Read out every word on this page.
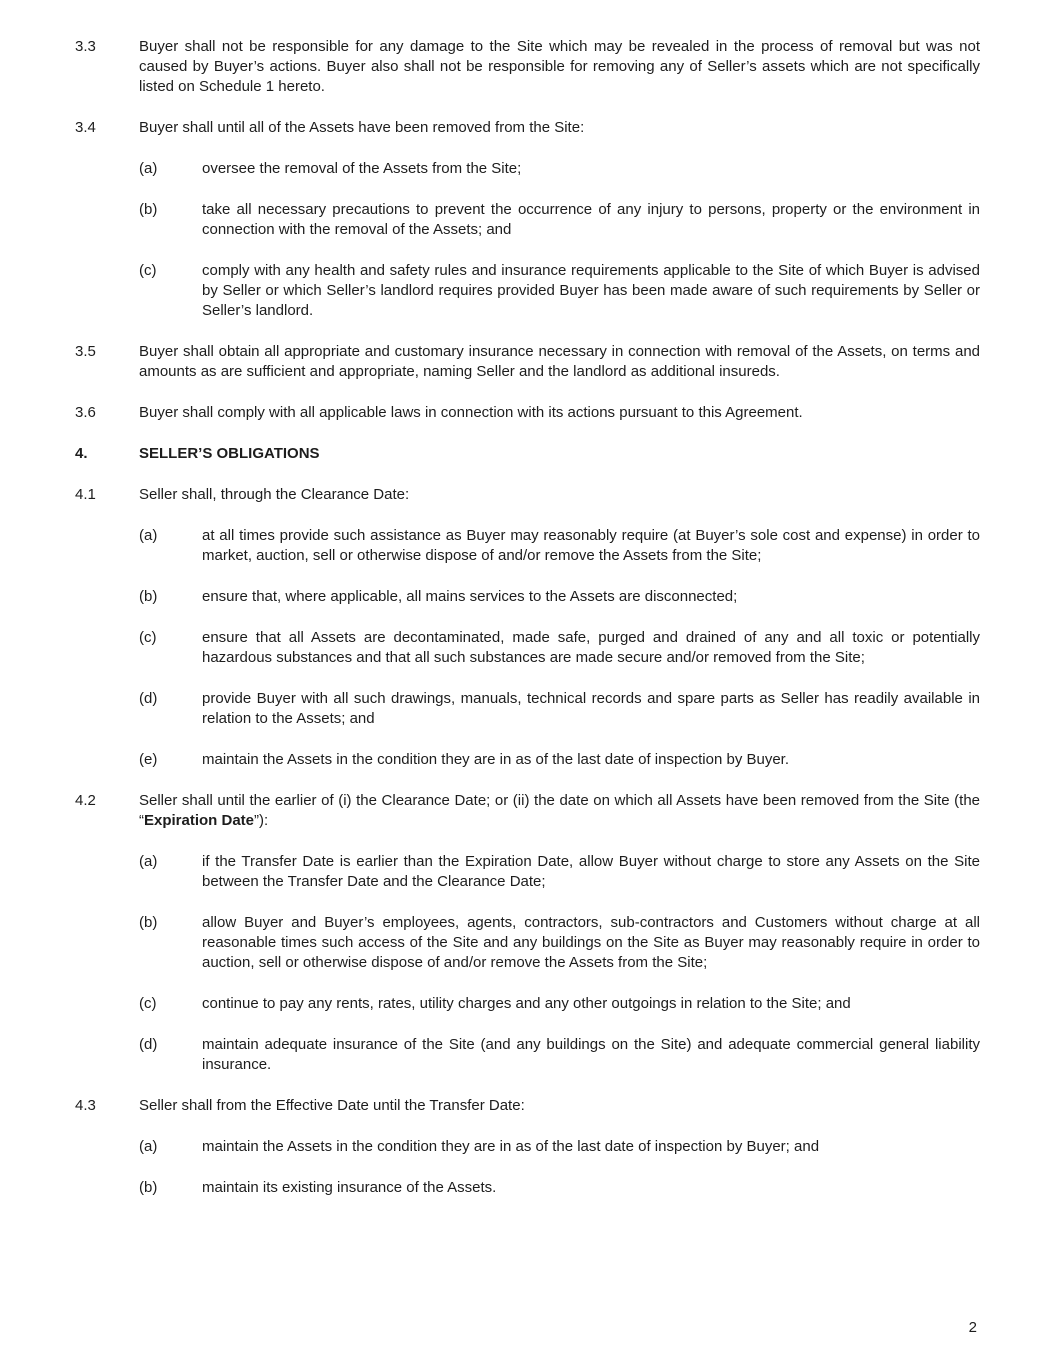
3.3	Buyer shall not be responsible for any damage to the Site which may be revealed in the process of removal but was not caused by Buyer’s actions. Buyer also shall not be responsible for removing any of Seller’s assets which are not specifically listed on Schedule 1 hereto.
3.4	Buyer shall until all of the Assets have been removed from the Site:
(a)	oversee the removal of the Assets from the Site;
(b)	take all necessary precautions to prevent the occurrence of any injury to persons, property or the environment in connection with the removal of the Assets; and
(c)	comply with any health and safety rules and insurance requirements applicable to the Site of which Buyer is advised by Seller or which Seller’s landlord requires provided Buyer has been made aware of such requirements by Seller or Seller’s landlord.
3.5	Buyer shall obtain all appropriate and customary insurance necessary in connection with removal of the Assets, on terms and amounts as are sufficient and appropriate, naming Seller and the landlord as additional insureds.
3.6	Buyer shall comply with all applicable laws in connection with its actions pursuant to this Agreement.
4.	SELLER’S OBLIGATIONS
4.1	Seller shall, through the Clearance Date:
(a)	at all times provide such assistance as Buyer may reasonably require (at Buyer’s sole cost and expense) in order to market, auction, sell or otherwise dispose of and/or remove the Assets from the Site;
(b)	ensure that, where applicable, all mains services to the Assets are disconnected;
(c)	ensure that all Assets are decontaminated, made safe, purged and drained of any and all toxic or potentially hazardous substances and that all such substances are made secure and/or removed from the Site;
(d)	provide Buyer with all such drawings, manuals, technical records and spare parts as Seller has readily available in relation to the Assets; and
(e)	maintain the Assets in the condition they are in as of the last date of inspection by Buyer.
4.2	Seller shall until the earlier of (i) the Clearance Date; or (ii) the date on which all Assets have been removed from the Site (the “Expiration Date”):
(a)	if the Transfer Date is earlier than the Expiration Date, allow Buyer without charge to store any Assets on the Site between the Transfer Date and the Clearance Date;
(b)	allow Buyer and Buyer’s employees, agents, contractors, sub-contractors and Customers without charge at all reasonable times such access of the Site and any buildings on the Site as Buyer may reasonably require in order to auction, sell or otherwise dispose of and/or remove the Assets from the Site;
(c)	continue to pay any rents, rates, utility charges and any other outgoings in relation to the Site; and
(d)	maintain adequate insurance of the Site (and any buildings on the Site) and adequate commercial general liability insurance.
4.3	Seller shall from the Effective Date until the Transfer Date:
(a)	maintain the Assets in the condition they are in as of the last date of inspection by Buyer; and
(b)	maintain its existing insurance of the Assets.
2
